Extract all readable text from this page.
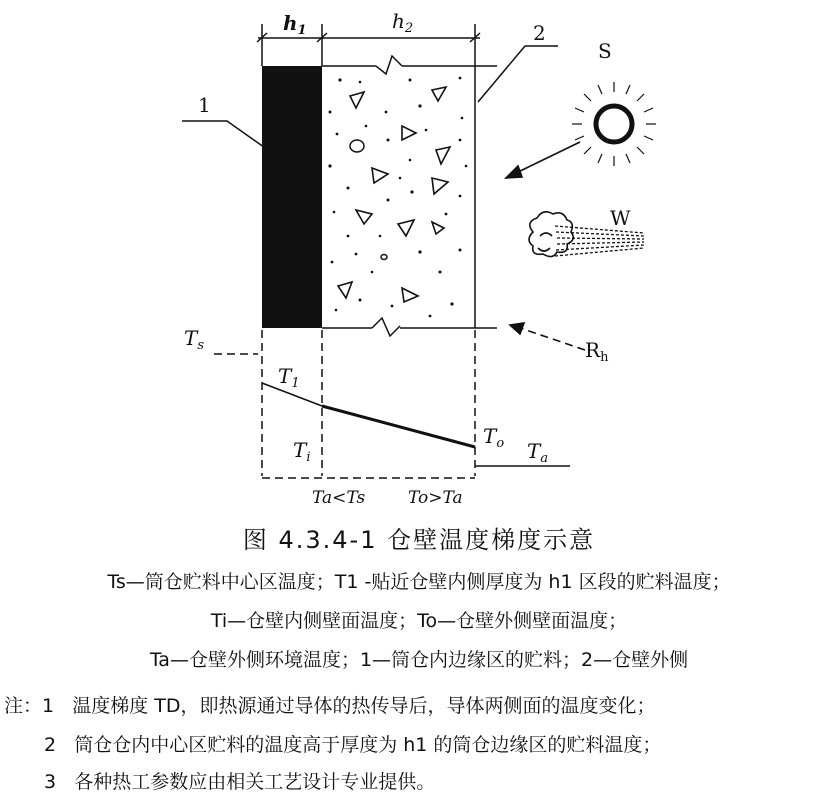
$h_1$	$h_2$
1
2
S
W
$R_h$
$T_s$
$T_1$
$T_i$
$T_o$ $T_a$
Ta<Ts	To>Ta
图 4.3.4-1 仓壁温度梯度示意
Ts—筒仓贮料中心区温度；T1 -贴近仓壁内侧厚度为 h1 区段的贮料温度；
Ti—仓壁内侧壁面温度；To—仓壁外侧壁面温度；
Ta—仓壁外侧环境温度；1—筒仓内边缘区的贮料；2—仓壁外侧
注：1 温度梯度 TD，即热源通过导体的热传导后，导体两侧面的温度变化；
2 筒仓仓内中心区贮料的温度高于厚度为 h1 的筒仓边缘区的贮料温度；
3 各种热工参数应由相关工艺设计专业提供。
